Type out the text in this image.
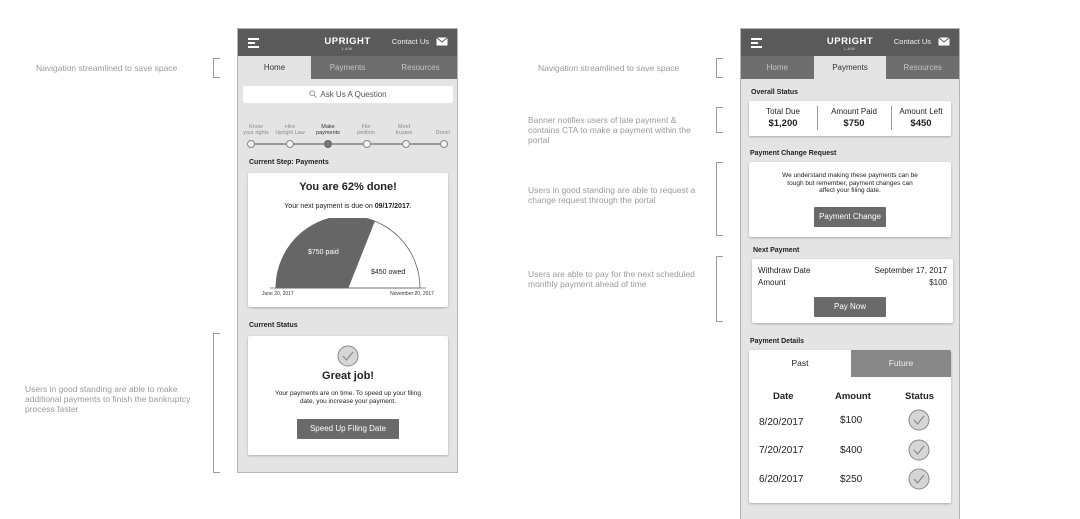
Navigation streamlined to save space
Users in good standing are able to make additional payments to finish the bankruptcy process faster
Navigation streamlined to save space
Banner notifies users of late payment & contains CTA to make a payment within the portal
Users in good standing are able to request a change request through the portal
Users are able to pay for the next scheduled monthly payment ahead of time
UPRIGHT
LAW
Contact Us
Home	Payments	Resources
Ask Us A Question
Know
your rights
Hire
Upright Law
Make
payments
File
petition
Meet
trustee	Done!
Current Step: Payments
You are 62% done!
Your next payment is due on 09/17/2017.
$750 paid
$450 owed
June 20, 2017	November 20, 2017
Current Status
Great job!
Your payments are on time. To speed up your filing
date, you increase your payment.
Speed Up Filing Date
UPRIGHT
LAW
Contact Us
Home	Payments	Resources
Overall Status
Total Due
$1,200
Amount Paid
$750
Amount Left
$450
Payment Change Request
We understand making these payments can be
tough but remember, payment changes can
affect your filing date.
Payment Change
Next Payment
Withdraw Date	September 17, 2017
Amount	$100
Pay Now
Payment Details
Past	Future
Date	Amount	Status
8/20/2017	$100
7/20/2017	$400
6/20/2017	$250
